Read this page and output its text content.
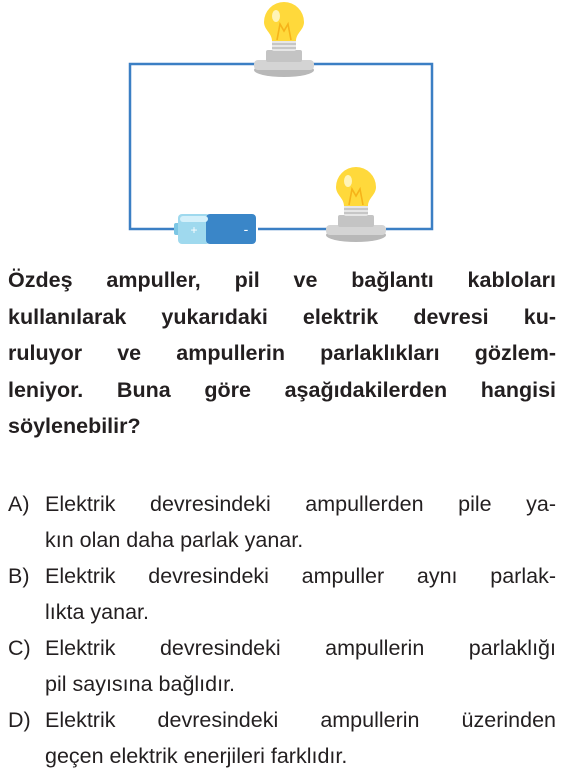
+	-
Özdeş ampuller, pil ve bağlantı kabloları
kullanılarak yukarıdaki elektrik devresi ku-
ruluyor ve ampullerin parlaklıkları gözlem-
leniyor. Buna göre aşağıdakilerden hangisi
söylenebilir?
A) Elektrik devresindeki ampullerden pile ya-
kın olan daha parlak yanar.
B) Elektrik devresindeki ampuller aynı parlak-
lıkta yanar.
C) Elektrik devresindeki ampullerin parlaklığı
pil sayısına bağlıdır.
D) Elektrik devresindeki ampullerin üzerinden
geçen elektrik enerjileri farklıdır.
